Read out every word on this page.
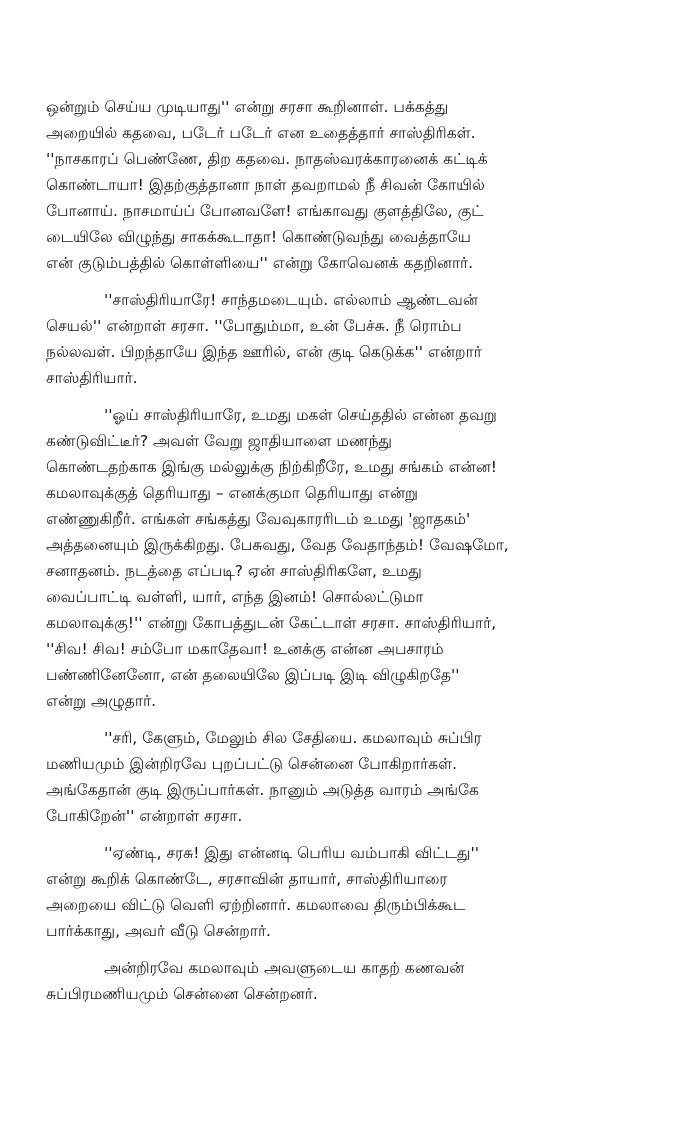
ஒன்றும் செய்ய முடியாது'' என்று சரசா கூறினாள். பக்கத்து
அறையில் கதவை, படேர் படேர் என உதைத்தார் சாஸ்திரிகள்.
''நாசகாரப் பெண்ணே, திற கதவை. நாதஸ்வரக்காரனைக் கட்டிக்
கொண்டாயா! இதற்குத்தானா நாள் தவறாமல் நீ சிவன் கோயில்
போனாய். நாசமாய்ப் போனவளே! எங்காவது குளத்திலே, குட்
டையிலே விழுந்து சாகக்கூடாதா! கொண்டுவந்து வைத்தாயே
என் குடும்பத்தில் கொள்ளியை'' என்று கோவெனக் கதறினார்.
''சாஸ்திரியாரே! சாந்தமடையும். எல்லாம் ஆண்டவன்
செயல்'' என்றாள் சரசா. ''போதும்மா, உன் பேச்சு. நீ ரொம்ப
நல்லவள். பிறந்தாயே இந்த ஊரில், என் குடி கெடுக்க'' என்றார்
சாஸ்திரியார்.
''ஓய் சாஸ்திரியாரே, உமது மகள் செய்ததில் என்ன தவறு
கண்டுவிட்டீர்? அவள் வேறு ஜாதியாளை மணந்து
கொண்டதற்காக இங்கு மல்லுக்கு நிற்கிறீரே, உமது சங்கம் என்ன!
கமலாவுக்குத் தெரியாது – எனக்குமா தெரியாது என்று
எண்ணுகிறீர். எங்கள் சங்கத்து வேவுகாரரிடம் உமது 'ஜாதகம்'
அத்தனையும் இருக்கிறது. பேசுவது, வேத வேதாந்தம்! வேஷமோ,
சனாதனம். நடத்தை எப்படி? ஏன் சாஸ்திரிகளே, உமது
வைப்பாட்டி வள்ளி, யார், எந்த இனம்! சொல்லட்டுமா
கமலாவுக்கு!'' என்று கோபத்துடன் கேட்டாள் சரசா. சாஸ்திரியார்,
''சிவ! சிவ! சம்போ மகாதேவா! உனக்கு என்ன அபசாரம்
பண்ணினேனோ, என் தலையிலே இப்படி இடி விழுகிறதே''
என்று அழுதார்.
''சரி, கேளும், மேலும் சில சேதியை. கமலாவும் சுப்பிர
மணியமும் இன்றிரவே புறப்பட்டு சென்னை போகிறார்கள்.
அங்கேதான் குடி இருப்பார்கள். நானும் அடுத்த வாரம் அங்கே
போகிறேன்'' என்றாள் சரசா.
''ஏண்டி, சரசு! இது என்னடி பெரிய வம்பாகி விட்டது''
என்று கூறிக் கொண்டே, சரசாவின் தாயார், சாஸ்திரியாரை
அறையை விட்டு வெளி ஏற்றினார். கமலாவை திரும்பிக்கூட
பார்க்காது, அவர் வீடு சென்றார்.
அன்றிரவே கமலாவும் அவளுடைய காதற் கணவன்
சுப்பிரமணியமும் சென்னை சென்றனர்.
